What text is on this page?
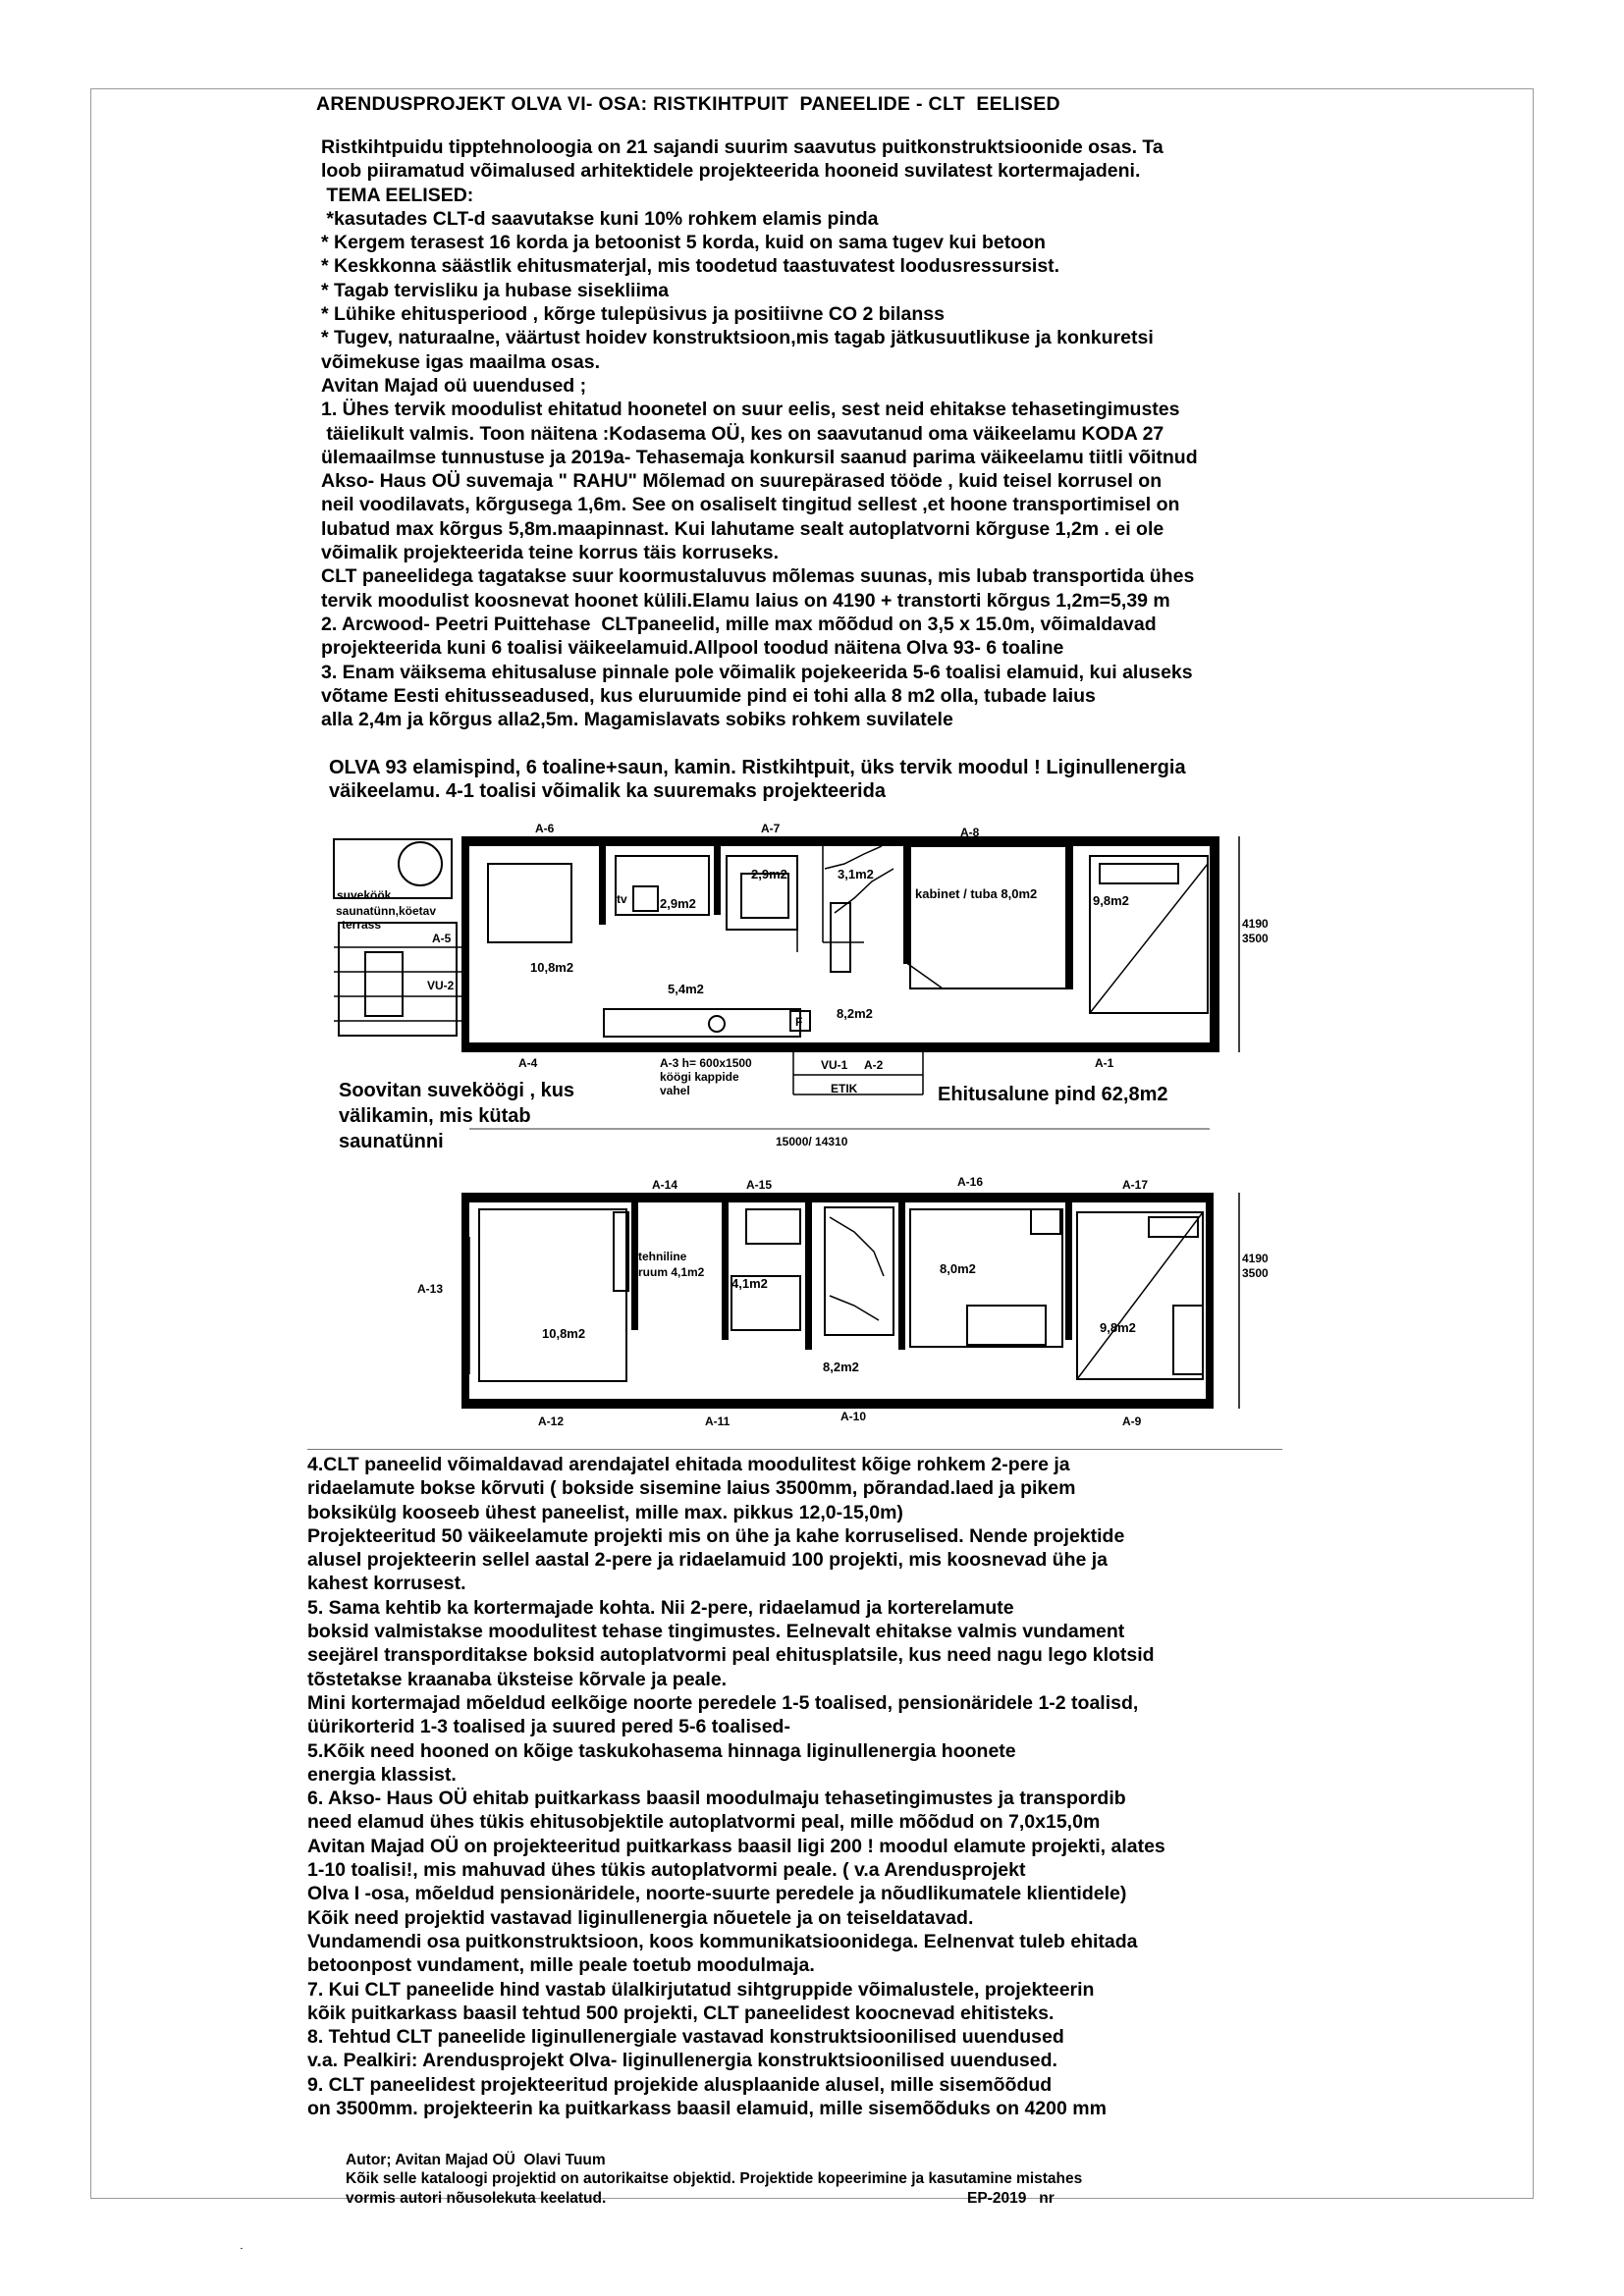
ARENDUSPROJEKT OLVA VI- OSA: RISTKIHTPUIT  PANEELIDE - CLT  EELISED
Ristkihtpuidu tipptehnoloogia on 21 sajandi suurim saavutus puitkonstruktsioonide osas. Ta
loob piiramatud võimalused arhitektidele projekteerida hooneid suvilatest kortermajadeni.
TEMA EELISED:
*kasutades CLT-d saavutakse kuni 10% rohkem elamis pinda
* Kergem terasest 16 korda ja betoonist 5 korda, kuid on sama tugev kui betoon
* Keskkonna säästlik ehitusmaterjal, mis toodetud taastuvatest loodusressursist.
* Tagab tervisliku ja hubase sisekliima
* Lühike ehitusperiood , kõrge tulepüsivus ja positiivne CO 2 bilanss
* Tugev, naturaalne, väärtust hoidev konstruktsioon,mis tagab jätkusuutlikuse ja konkuretsi
võimekuse igas maailma osas.
Avitan Majad oü uuendused ;
1. Ühes tervik moodulist ehitatud hoonetel on suur eelis, sest neid ehitakse tehasetingimustes
täielikult valmis. Toon näitena :Kodasema OÜ, kes on saavutanud oma väikeelamu KODA 27
ülemaailmse tunnustuse ja 2019a- Tehasemaja konkursil saanud parima väikeelamu tiitli võitnud
Akso- Haus OÜ suvemaja " RAHU" Mõlemad on suurepärased tööde , kuid teisel korrusel on
neil voodilavats, kõrgusega 1,6m. See on osaliselt tingitud sellest ,et hoone transportimisel on
lubatud max kõrgus 5,8m.maapinnast. Kui lahutame sealt autoplatvorni kõrguse 1,2m . ei ole
võimalik projekteerida teine korrus täis korruseks.
CLT paneelidega tagatakse suur koormustaluvus mõlemas suunas, mis lubab transportida ühes
tervik moodulist koosnevat hoonet külili.Elamu laius on 4190 + transtorti kõrgus 1,2m=5,39 m
2. Arcwood- Peetri Puittehase  CLTpaneelid, mille max mõõdud on 3,5 x 15.0m, võimaldavad
projekteerida kuni 6 toalisi väikeelamuid.Allpool toodud näitena Olva 93- 6 toaline
3. Enam väiksema ehitusaluse pinnale pole võimalik pojekeerida 5-6 toalisi elamuid, kui aluseks
võtame Eesti ehitusseadused, kus eluruumide pind ei tohi alla 8 m2 olla, tubade laius
alla 2,4m ja kõrgus alla2,5m. Magamislavats sobiks rohkem suvilatele
OLVA 93 elamispind, 6 toaline+saun, kamin. Ristkihtpuit, üks tervik moodul ! Liginullenergia
väikeelamu. 4-1 toalisi võimalik ka suuremaks projekteerida
A-6	A-7	A-8
suveköök
saunatünn,köetav
terrass
A-5
VU-2
tv
10,8m2
2,9m2
2,9m2	3,1m2
kabinet / tuba 8,0m2	9,8m2
5,4m2
8,2m2
F
4190
3500
A-4	A-3 h= 600x1500
köögi kappide
vahel
VU-1 A-2
ETIK
A-1
15000/ 14310
Soovitan suveköögi , kus
välikamin, mis kütab
saunatünni
Ehitusalune pind 62,8m2
A-14	A-15	A-16	A-17
A-13
tehniline
ruum 4,1m2
4,1m2
10,8m2
8,0m2
9,8m2
8,2m2
4190
3500
A-12	A-11	A-10	A-9
4.CLT paneelid võimaldavad arendajatel ehitada moodulitest kõige rohkem 2-pere ja
ridaelamute bokse kõrvuti ( bokside sisemine laius 3500mm, põrandad.laed ja pikem
boksikülg kooseeb ühest paneelist, mille max. pikkus 12,0-15,0m)
Projekteeritud 50 väikeelamute projekti mis on ühe ja kahe korruselised. Nende projektide
alusel projekteerin sellel aastal 2-pere ja ridaelamuid 100 projekti, mis koosnevad ühe ja
kahest korrusest.
5. Sama kehtib ka kortermajade kohta. Nii 2-pere, ridaelamud ja korterelamute
boksid valmistakse moodulitest tehase tingimustes. Eelnevalt ehitakse valmis vundament
seejärel transporditakse boksid autoplatvormi peal ehitusplatsile, kus need nagu lego klotsid
tõstetakse kraanaba üksteise kõrvale ja peale.
Mini kortermajad mõeldud eelkõige noorte peredele 1-5 toalised, pensionäridele 1-2 toalisd,
üürikorterid 1-3 toalised ja suured pered 5-6 toalised-
5.Kõik need hooned on kõige taskukohasema hinnaga liginullenergia hoonete
energia klassist.
6. Akso- Haus OÜ ehitab puitkarkass baasil moodulmaju tehasetingimustes ja transpordib
need elamud ühes tükis ehitusobjektile autoplatvormi peal, mille mõõdud on 7,0x15,0m
Avitan Majad OÜ on projekteeritud puitkarkass baasil ligi 200 ! moodul elamute projekti, alates
1-10 toalisi!, mis mahuvad ühes tükis autoplatvormi peale. ( v.a Arendusprojekt
Olva I -osa, mõeldud pensionäridele, noorte-suurte peredele ja nõudlikumatele klientidele)
Kõik need projektid vastavad liginullenergia nõuetele ja on teiseldatavad.
Vundamendi osa puitkonstruktsioon, koos kommunikatsioonidega. Eelnenvat tuleb ehitada
betoonpost vundament, mille peale toetub moodulmaja.
7. Kui CLT paneelide hind vastab ülalkirjutatud sihtgruppide võimalustele, projekteerin
kõik puitkarkass baasil tehtud 500 projekti, CLT paneelidest koocnevad ehitisteks.
8. Tehtud CLT paneelide liginullenergiale vastavad konstruktsioonilised uuendused
v.a. Pealkiri: Arendusprojekt Olva- liginullenergia konstruktsioonilised uuendused.
9. CLT paneelidest projekteeritud projekide alusplaanide alusel, mille sisemõõdud
on 3500mm. projekteerin ka puitkarkass baasil elamuid, mille sisemõõduks on 4200 mm
Autor; Avitan Majad OÜ  Olavi Tuum
Kõik selle kataloogi projektid on autorikaitse objektid. Projektide kopeerimine ja kasutamine mistahes
vormis autori nõusolekuta keelatud.	EP-2019   nr
